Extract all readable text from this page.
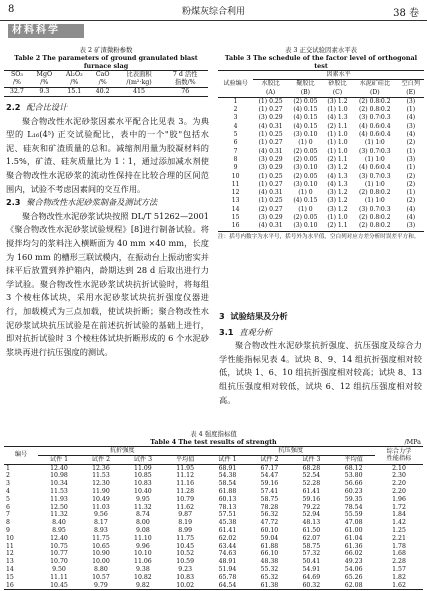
8	粉煤灰综合利用	38 卷
材料科学
表 2 矿渣微粉参数
Table 2 The parameters of ground granulated blast furnace slag
SO₃	MgO	Al₂O₃	CaO	比表面积	7 d 活性
/%	/%	/%	/%	/(m²·kg)	指数/%
32.7	9.3	15.1	40.2	415	76
2.2 配合比设计

聚合物改性水泥砂浆因素水平配合比见表 3。为典型的 L₁₆(4⁵) 正交试验配比，表中的一个"胶"包括水泥、硅灰和矿渣质量的总和。减缩剂用量为胶凝材料的 1.5%，矿渣、硅灰质量比为 1∶1，通过添加减水剂使聚合物改性水泥砂浆的流动性保持在比较合理的区间范围内，试验不考虑因素间的交互作用。

2.3 聚合物改性水泥砂浆制备及测试方法

聚合物改性水泥砂浆试块按照 DL/T 51262—2001《聚合物改性水泥砂浆试验规程》[8]进行制备试验。将搅拌均匀的浆料注入横断面为 40 mm ×40 mm，长度为 160 mm 的槽形三联试模内，在振动台上振动密实并抹平后放置到养护箱内，龄期达到 28 d 后取出进行力学试验。聚合物改性水泥砂浆试块抗折试验时，将每组 3 个棱柱体试块，采用水泥砂浆试块抗折强度仪器进行，加载模式为三点加载，使试块折断；聚合物改性水泥砂浆试块抗压试验是在前述抗折试验的基础上进行，即对抗折试验时 3 个棱柱体试块折断形成的 6 个水泥砂浆块再进行抗压强度的测试。

表 3 正交试验因素水平表
Table 3 The schedule of the factor level of orthogonal test
试验编号	因素水平				
	水胶比
(A)	聚胶比
(B)	砂胶比
(C)	水泥矿硅比
(D)	空白列
(E)
1	(1) 0.25	(2) 0.05	(3) 1.2	(2) 0.8∶0.2	(3)
2	(1) 0.27	(4) 0.15	(1) 1.0	(2) 0.8∶0.2	(1)
3	(3) 0.29	(4) 0.15	(4) 1.3	(3) 0.7∶0.3	(4)
4	(4) 0.31	(4) 0.15	(2) 1.1	(4) 0.6∶0.4	(3)
5	(1) 0.25	(3) 0.10	(1) 1.0	(4) 0.6∶0.4	(4)
6	(1) 0.27	(1) 0	(1) 1.0	(1) 1∶0	(2)
7	(4) 0.31	(2) 0.05	(1) 1.0	(3) 0.7∶0.3	(1)
8	(3) 0.29	(2) 0.05	(2) 1.1	(1) 1∶0	(3)
9	(3) 0.29	(3) 0.10	(3) 1.2	(4) 0.6∶0.4	(1)
10	(1) 0.25	(2) 0.05	(4) 1.3	(3) 0.7∶0.3	(2)
11	(1) 0.27	(3) 0.10	(4) 1.3	(1) 1∶0	(2)
12	(4) 0.31	(1) 0	(3) 1.2	(2) 0.8∶0.2	(1)
13	(1) 0.25	(4) 0.15	(3) 1.2	(1) 1∶0	(2)
14	(2) 0.27	(1) 0	(3) 1.2	(3) 0.7∶0.3	(4)
15	(3) 0.29	(2) 0.05	(1) 1.0	(2) 0.8∶0.2	(4)
16	(4) 0.31	(3) 0.10	(2) 1.1	(2) 0.8∶0.2	(3)
注：括号内数字为水平号，括号外为水平值，空白列对应方差分析时误差平方和。
3 试验结果及分析
3.1 直观分析

聚合物改性水泥砂浆抗折强度、抗压强度及综合力学性能指标见表 4。试块 8、9、14 组抗折强度相对较低，试块 1、6、10 组抗折强度相对较高；试块 8、13 组抗压强度相对较低，试块 6、12 组抗压强度相对较高。

表 4 强度指标值
Table 4 The test results of strength	/MPa
编号	抗折强度				抗压强度				综合力学
性能指标
	试件 1	试件 2	试件 3	平均值	试件 1	试件 2	试件 3	平均值	
1	12.40	12.36	11.09	11.95	68.91	67.17	68.28	68.12	2.10
2	10.98	11.53	10.85	11.12	54.38	54.47	52.54	53.80	2.30
3	10.34	12.30	10.83	11.16	58.54	59.16	52.28	56.66	2.20
4	11.53	11.90	10.40	11.28	61.88	57.41	61.41	60.23	2.20
5	11.93	10.49	9.95	10.79	60.13	58.75	59.16	59.35	1.96
6	12.50	11.03	11.32	11.62	78.13	78.28	79.22	78.54	1.72
7	11.32	9.56	8.74	9.87	57.51	56.32	52.94	55.59	1.84
8	8.40	8.17	8.00	8.19	45.38	47.72	48.13	47.08	1.42
9	8.95	8.93	9.08	8.99	61.41	60.10	61.50	61.00	1.25
10	12.40	11.75	11.10	11.75	62.02	59.04	62.07	61.04	2.21
11	10.75	10.65	9.96	10.45	63.44	61.88	58.75	61.36	1.78
12	10.77	10.90	10.10	10.52	74.63	66.10	57.32	66.02	1.68
13	10.70	10.00	11.06	10.59	48.91	48.38	50.41	49.23	2.28
14	9.50	8.80	9.38	9.23	51.94	55.32	54.91	54.06	1.57
15	11.11	10.57	10.82	10.83	65.78	65.32	64.69	65.26	1.82
16	10.45	9.79	9.82	10.02	64.54	61.38	60.32	62.08	1.62
